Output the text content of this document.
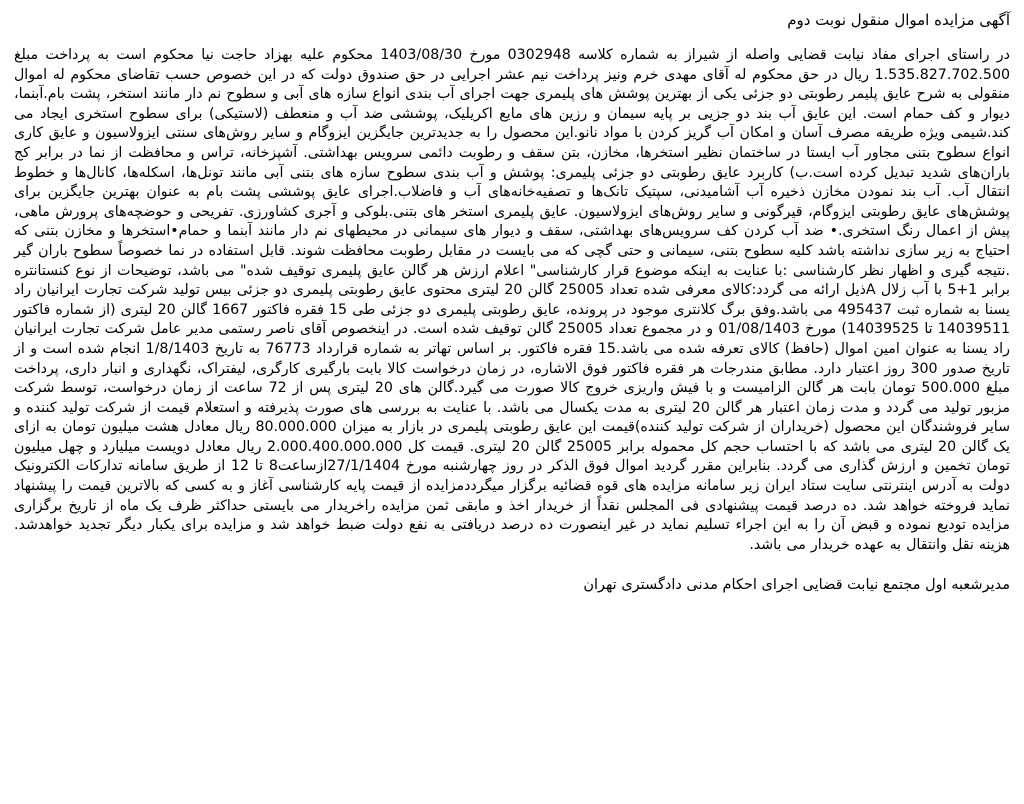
آگهی مزایده اموال منقول نوبت دوم

در راستای اجرای مفاد نیابت قضایی واصله از شیراز به شماره کلاسه 0302948 مورخ 1403/08/30 محکوم علیه بهزاد حاجت نیا محکوم است به پرداخت مبلغ 1.535.827.702.500 ریال در حق محکوم له آقای مهدی خرم ونیز پرداخت نیم عشر اجرایی در حق صندوق دولت که در این خصوص حسب تقاضای محکوم له اموال منقولی به شرح عایق پلیمر رطوبتی دو جزئی یکی از بهترین پوشش های پلیمری جهت اجرای آب بندی انواع سازه های آبی و سطوح نم دار مانند استخر، پشت بام.آبنما، دیوار و کف حمام است. این عایق آب بند دو جزیی بر پایه سیمان و رزین های مایع اکریلیک، پوششی ضد آب و منعطف (لاستیکی) برای سطوح استخری ایجاد می کند.شیمی ویژه طریقه مصرف آسان و امکان آب گریز کردن با مواد نانو.این محصول را به جدیدترین جایگزین ایزوگام و سایر روش‌های سنتی ایزولاسیون و عایق کاری انواع سطوح بتنی مجاور آب ایستا در ساختمان نظیر استخرها، مخازن، بتن سقف و رطوبت دائمی سرویس بهداشتی. آشپزخانه، تراس و محافظت از نما در برابر کج باران‌های شدید تبدیل کرده است.ب) کاربرد عایق رطوبتی دو جزئی پلیمری: پوشش و آب بندی سطوح سازه های بتنی آبی مانند تونل‌ها، اسکله‌ها، کانال‌ها و خطوط انتقال آب. آب بند نمودن مخازن ذخیره آب آشامیدنی، سپتیک تانک‌ها و تصفیه‌خانه‌های آب و فاضلاب.اجرای عایق پوششی پشت بام به عنوان بهترین جایگزین برای پوشش‌های عایق رطوبتی ایزوگام، قیرگونی و سایر روش‌های ایزولاسیون. عایق پلیمری استخر های بتنی.بلوکی و آجری کشاورزی. تفریحی و حوضچه‌های پرورش ماهی، پیش از اعمال رنگ استخری.• ضد آب کردن کف سرویس‌های بهداشتی، سقف و دیوار های سیمانی در محیطهای نم دار مانند آبنما و حمام•استخرها و مخازن بتنی که احتیاج به زیر سازی نداشته باشد کلیه سطوح بتنی، سیمانی و حتی گچی که می بایست در مقابل رطوبت محافظت شوند. قابل استفاده در نما خصوصاً سطوح باران گیر .نتیجه گیری و اظهار نظر کارشناسی :با عنایت به اینکه موضوع قرار کارشناسی" اعلام ارزش هر گالن عایق پلیمری توقیف شده" می باشد، توضیحات از نوع کنستانتره برابر 1+5 با آب زلال Aذیل ارائه می گردد:کالای معرفی شده تعداد 25005 گالن 20 لیتری محتوی عایق رطوبتی پلیمری دو جزئی بیس تولید شرکت تجارت ایرانیان راد یسنا به شماره ثبت 495437 می باشد.وفق برگ کلانتری موجود در پرونده، عایق رطوبتی پلیمری دو جزئی طی 15 فقره فاکتور 1667 گالن 20 لیتری (از شماره فاکتور 14039511 تا 14039525) مورخ 01/08/1403 و در مجموع تعداد 25005 گالن توقیف شده است. در اینخصوص آقای ناصر رستمی مدیر عامل شرکت تجارت ایرانیان راد یسنا به عنوان امین اموال (حافظ) کالای تعرفه شده می باشد.15 فقره فاکتور. بر اساس تهاتر به شماره قرارداد 76773 به تاریخ 1/8/1403 انجام شده است و از تاریخ صدور 300 روز اعتبار دارد. مطابق مندرجات هر فقره فاکتور فوق الاشاره، در زمان درخواست کالا بابت بارگیری کارگری، لیفتراک، نگهداری و انبار داری، پرداخت مبلغ 500.000 تومان بابت هر گالن الزامیست و با فیش واریزی خروج کالا صورت می گیرد.گالن های 20 لیتری پس از 72 ساعت از زمان درخواست، توسط شرکت مزبور تولید می گردد و مدت زمان اعتبار هر گالن 20 لیتری به مدت یکسال می باشد. با عنایت به بررسی های صورت پذیرفته و استعلام قیمت از شرکت تولید کننده و سایر فروشندگان این محصول (خریداران از شرکت تولید کننده)قیمت این عایق رطوبتی پلیمری در بازار به میزان 80.000.000 ریال معادل هشت میلیون تومان به ازای یک گالن 20 لیتری می باشد که با احتساب حجم کل محموله برابر 25005 گالن 20 لیتری. قیمت کل 2.000.400.000.000 ریال معادل دویست میلیارد و چهل میلیون تومان تخمین و ارزش گذاری می گردد. بنابراین مقرر گردید اموال فوق الذکر در روز چهارشنبه مورخ 27/1/1404ازساعت8 تا 12 از طریق سامانه تدارکات الکترونیک دولت به آدرس اینترنتی سایت ستاد ایران زیر سامانه مزایده های قوه قضائیه برگزار میگرددمزایده از قیمت پایه کارشناسی آغاز و به کسی که بالاترین قیمت را پیشنهاد نماید فروخته خواهد شد. ده درصد قیمت پیشنهادی فی المجلس نقداً از خریدار اخذ و مابقی ثمن مزایده راخریدار می بایستی حداکثر ظرف یک ماه از تاریخ برگزاری مزایده تودیع نموده و قبض آن را به این اجراء تسلیم نماید در غیر اینصورت ده درصد دریافتی به نفع دولت ضبط خواهد شد و مزایده برای یکبار دیگر تجدید خواهدشد. هزینه نقل وانتقال به عهده خریدار می باشد.

مدیرشعبه اول مجتمع نیابت قضایی اجرای احکام مدنی دادگستری تهران
